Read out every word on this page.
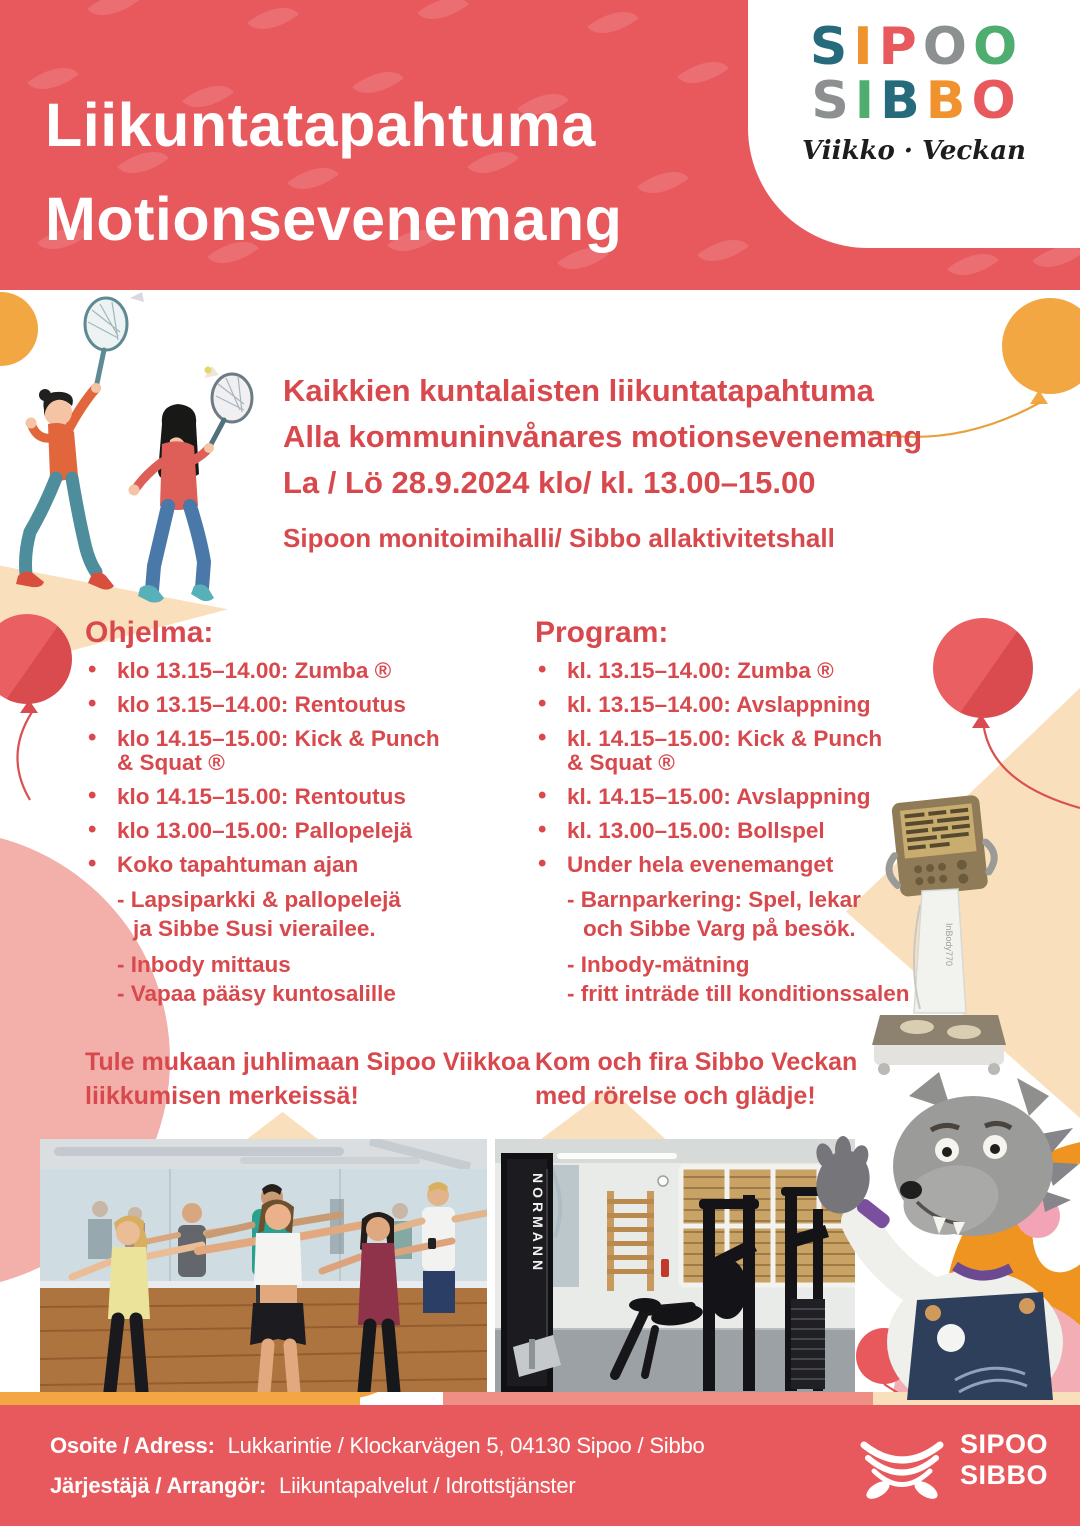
Liikuntatapahtuma
Motionsevenemang
S I P O O
S I B B O
Viikko · Veckan
Kaikkien kuntalaisten liikuntatapahtuma
Alla kommuninvånares motionsevenemang
La / Lö 28.9.2024 klo/ kl. 13.00–15.00
Sipoon monitoimihalli/ Sibbo allaktivitetshall
Ohjelma:
• klo 13.15–14.00: Zumba ®
• klo 13.15–14.00: Rentoutus
• klo 14.15–15.00: Kick & Punch
& Squat ®
• klo 14.15–15.00: Rentoutus
• klo 13.00–15.00: Pallopelejä
• Koko tapahtuman ajan
- Lapsiparkki & pallopelejä
ja Sibbe Susi vierailee.
- Inbody mittaus
- Vapaa pääsy kuntosalille
Tule mukaan juhlimaan Sipoo Viikkoa
liikkumisen merkeissä!
Program:
• kl. 13.15–14.00: Zumba ®
• kl. 13.15–14.00: Avslappning
• kl. 14.15–15.00: Kick & Punch
& Squat ®
• kl. 14.15–15.00: Avslappning
• kl. 13.00–15.00: Bollspel
• Under hela evenemanget
- Barnparkering: Spel, lekar
och Sibbe Varg på besök.
- Inbody-mätning
- fritt inträde till konditionssalen
Kom och fira Sibbo Veckan
med rörelse och glädje!
InBody770
NORMANN
Osoite / Adress: Lukkarintie / Klockarvägen 5, 04130 Sipoo / Sibbo
Järjestäjä / Arrangör: Liikuntapalvelut / Idrottstjänster
SIPOO
SIBBO
